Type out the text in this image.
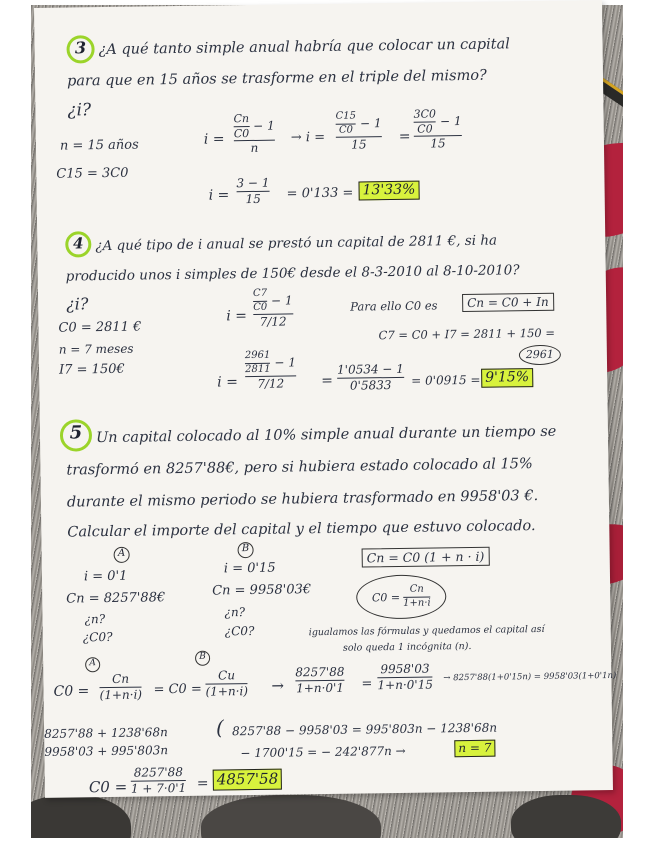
3 ¿A qué tanto simple anual habría que colocar un capital
para que en 15 años se trasforme en el triple del mismo?
¿i?
n = 15 años
C15 = 3C0
i =
$\frac{Cn}{C0} - 1$
n
→ i =
$\frac{C15}{C0} - 1$
15 =
$\frac{3C0}{C0} - 1$
15
i =
3 − 1
15 = 0'133 = 13'33%
4 ¿A qué tipo de i anual se prestó un capital de 2811 €, si ha
producido unos i simples de 150€ desde el 8-3-2010 al 8-10-2010?
¿i?
C0 = 2811 €
n = 7 meses
I7 = 150€
i =
$\frac{C7}{C0} - 1$
7/12
Para ello C0 es	Cn = C0 + In
C7 = C0 + I7 = 2811 + 150 =
2961
i =
$\frac{2961}{2811} - 1$
7/12	=
1'0534 − 1
0'5833 = 0'0915 = 9'15%
5 Un capital colocado al 10% simple anual durante un tiempo se
trasformó en 8257'88€, pero si hubiera estado colocado al 15%
durante el mismo periodo se hubiera trasformado en 9958'03 €.
Calcular el importe del capital y el tiempo que estuvo colocado.
A
i = 0'1
Cn = 8257'88€
¿n?
¿C0?
B
i = 0'15
Cn = 9958'03€
¿n?
¿C0?
Cn = C0 (1 + n · i)
$C0 = \frac{Cn}{1+n\cdot i}$
igualamos las fórmulas y quedamos el capital así
solo queda 1 incógnita (n).
A
C0 =
Cn
(1+n·i) = C0 =
B
Cu
(1+n·i) →
8257'88
1+n·0'1 =
9958'03
1+n·0'15 → 8257'88(1+0'15n) = 9958'03(1+0'1n)
8257'88 + 1238'68n
9958'03 + 995'803n
( 8257'88 − 9958'03 = 995'803n − 1238'68n
− 1700'15 = − 242'877n →	n = 7
C0 =
8257'88
1 + 7·0'1 = 4857'58
